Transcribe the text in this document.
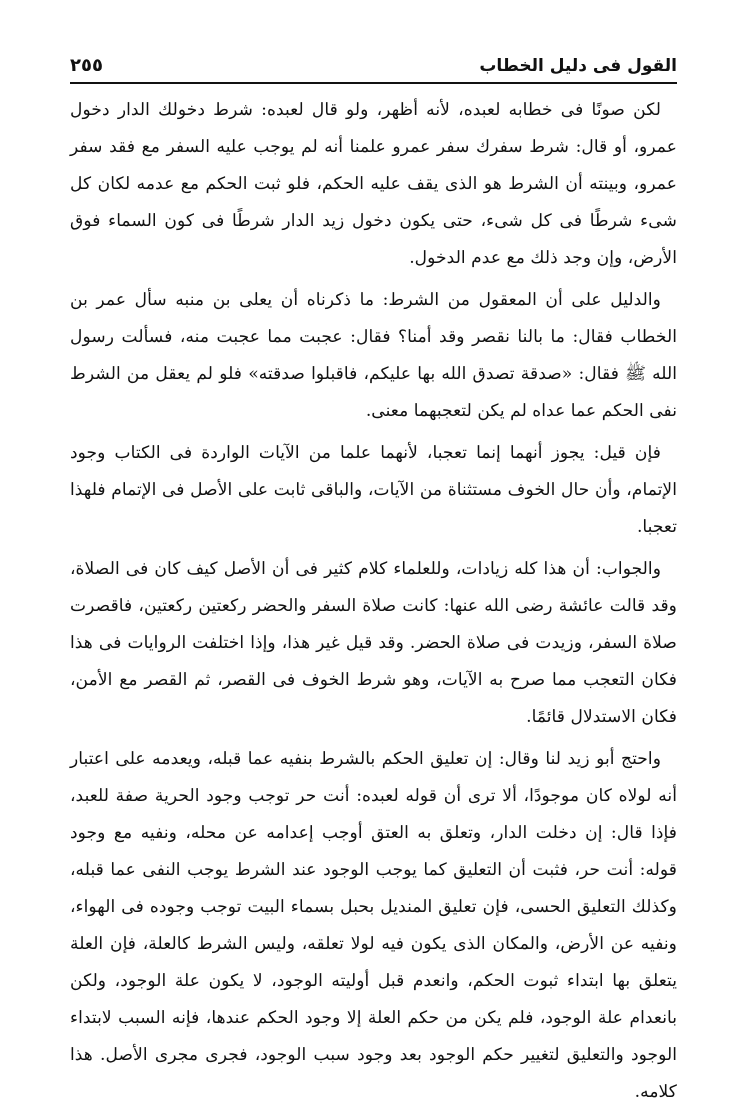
٢٥٥	القول فى دليل الخطاب

لكن صونًا فى خطابه لعبده، لأنه أظهر، ولو قال لعبده: شرط دخولك الدار دخول عمرو، أو قال: شرط سفرك سفر عمرو علمنا أنه لم يوجب عليه السفر مع فقد سفر عمرو، وبينته أن الشرط هو الذى يقف عليه الحكم، فلو ثبت الحكم مع عدمه لكان كل شىء شرطًا فى كل شىء، حتى يكون دخول زيد الدار شرطًا فى كون السماء فوق الأرض، وإن وجد ذلك مع عدم الدخول.

والدليل على أن المعقول من الشرط: ما ذكرناه أن يعلى بن منبه سأل عمر بن الخطاب فقال: ما بالنا نقصر وقد أمنا؟ فقال: عجبت مما عجبت منه، فسألت رسول الله ﷺ فقال: «صدقة تصدق الله بها عليكم، فاقبلوا صدقته» فلو لم يعقل من الشرط نفى الحكم عما عداه لم يكن لتعجبهما معنى.

فإن قيل: يجوز أنهما إنما تعجبا، لأنهما علما من الآيات الواردة فى الكتاب وجود الإتمام، وأن حال الخوف مستثناة من الآيات، والباقى ثابت على الأصل فى الإتمام فلهذا تعجبا.

والجواب: أن هذا كله زيادات، وللعلماء كلام كثير فى أن الأصل كيف كان فى الصلاة، وقد قالت عائشة رضى الله عنها: كانت صلاة السفر والحضر ركعتين ركعتين، فاقصرت صلاة السفر، وزيدت فى صلاة الحضر. وقد قيل غير هذا، وإذا اختلفت الروايات فى هذا فكان التعجب مما صرح به الآيات، وهو شرط الخوف فى القصر، ثم القصر مع الأمن، فكان الاستدلال قائمًا.

واحتج أبو زيد لنا وقال: إن تعليق الحكم بالشرط بنفيه عما قبله، ويعدمه على اعتبار أنه لولاه كان موجودًا، ألا ترى أن قوله لعبده: أنت حر توجب وجود الحرية صفة للعبد، فإذا قال: إن دخلت الدار، وتعلق به العتق أوجب إعدامه عن محله، ونفيه مع وجود قوله: أنت حر، فثبت أن التعليق كما يوجب الوجود عند الشرط يوجب النفى عما قبله، وكذلك التعليق الحسى، فإن تعليق المنديل بحبل بسماء البيت توجب وجوده فى الهواء، ونفيه عن الأرض، والمكان الذى يكون فيه لولا تعلقه، وليس الشرط كالعلة، فإن العلة يتعلق بها ابتداء ثبوت الحكم، وانعدم قبل أوليته الوجود، لا يكون علة الوجود، ولكن بانعدام علة الوجود، فلم يكن من حكم العلة إلا وجود الحكم عندها، فإنه السبب لابتداء الوجود والتعليق لتغيير حكم الوجود بعد وجود سبب الوجود، فجرى مجرى الأصل. هذا كلامه.
